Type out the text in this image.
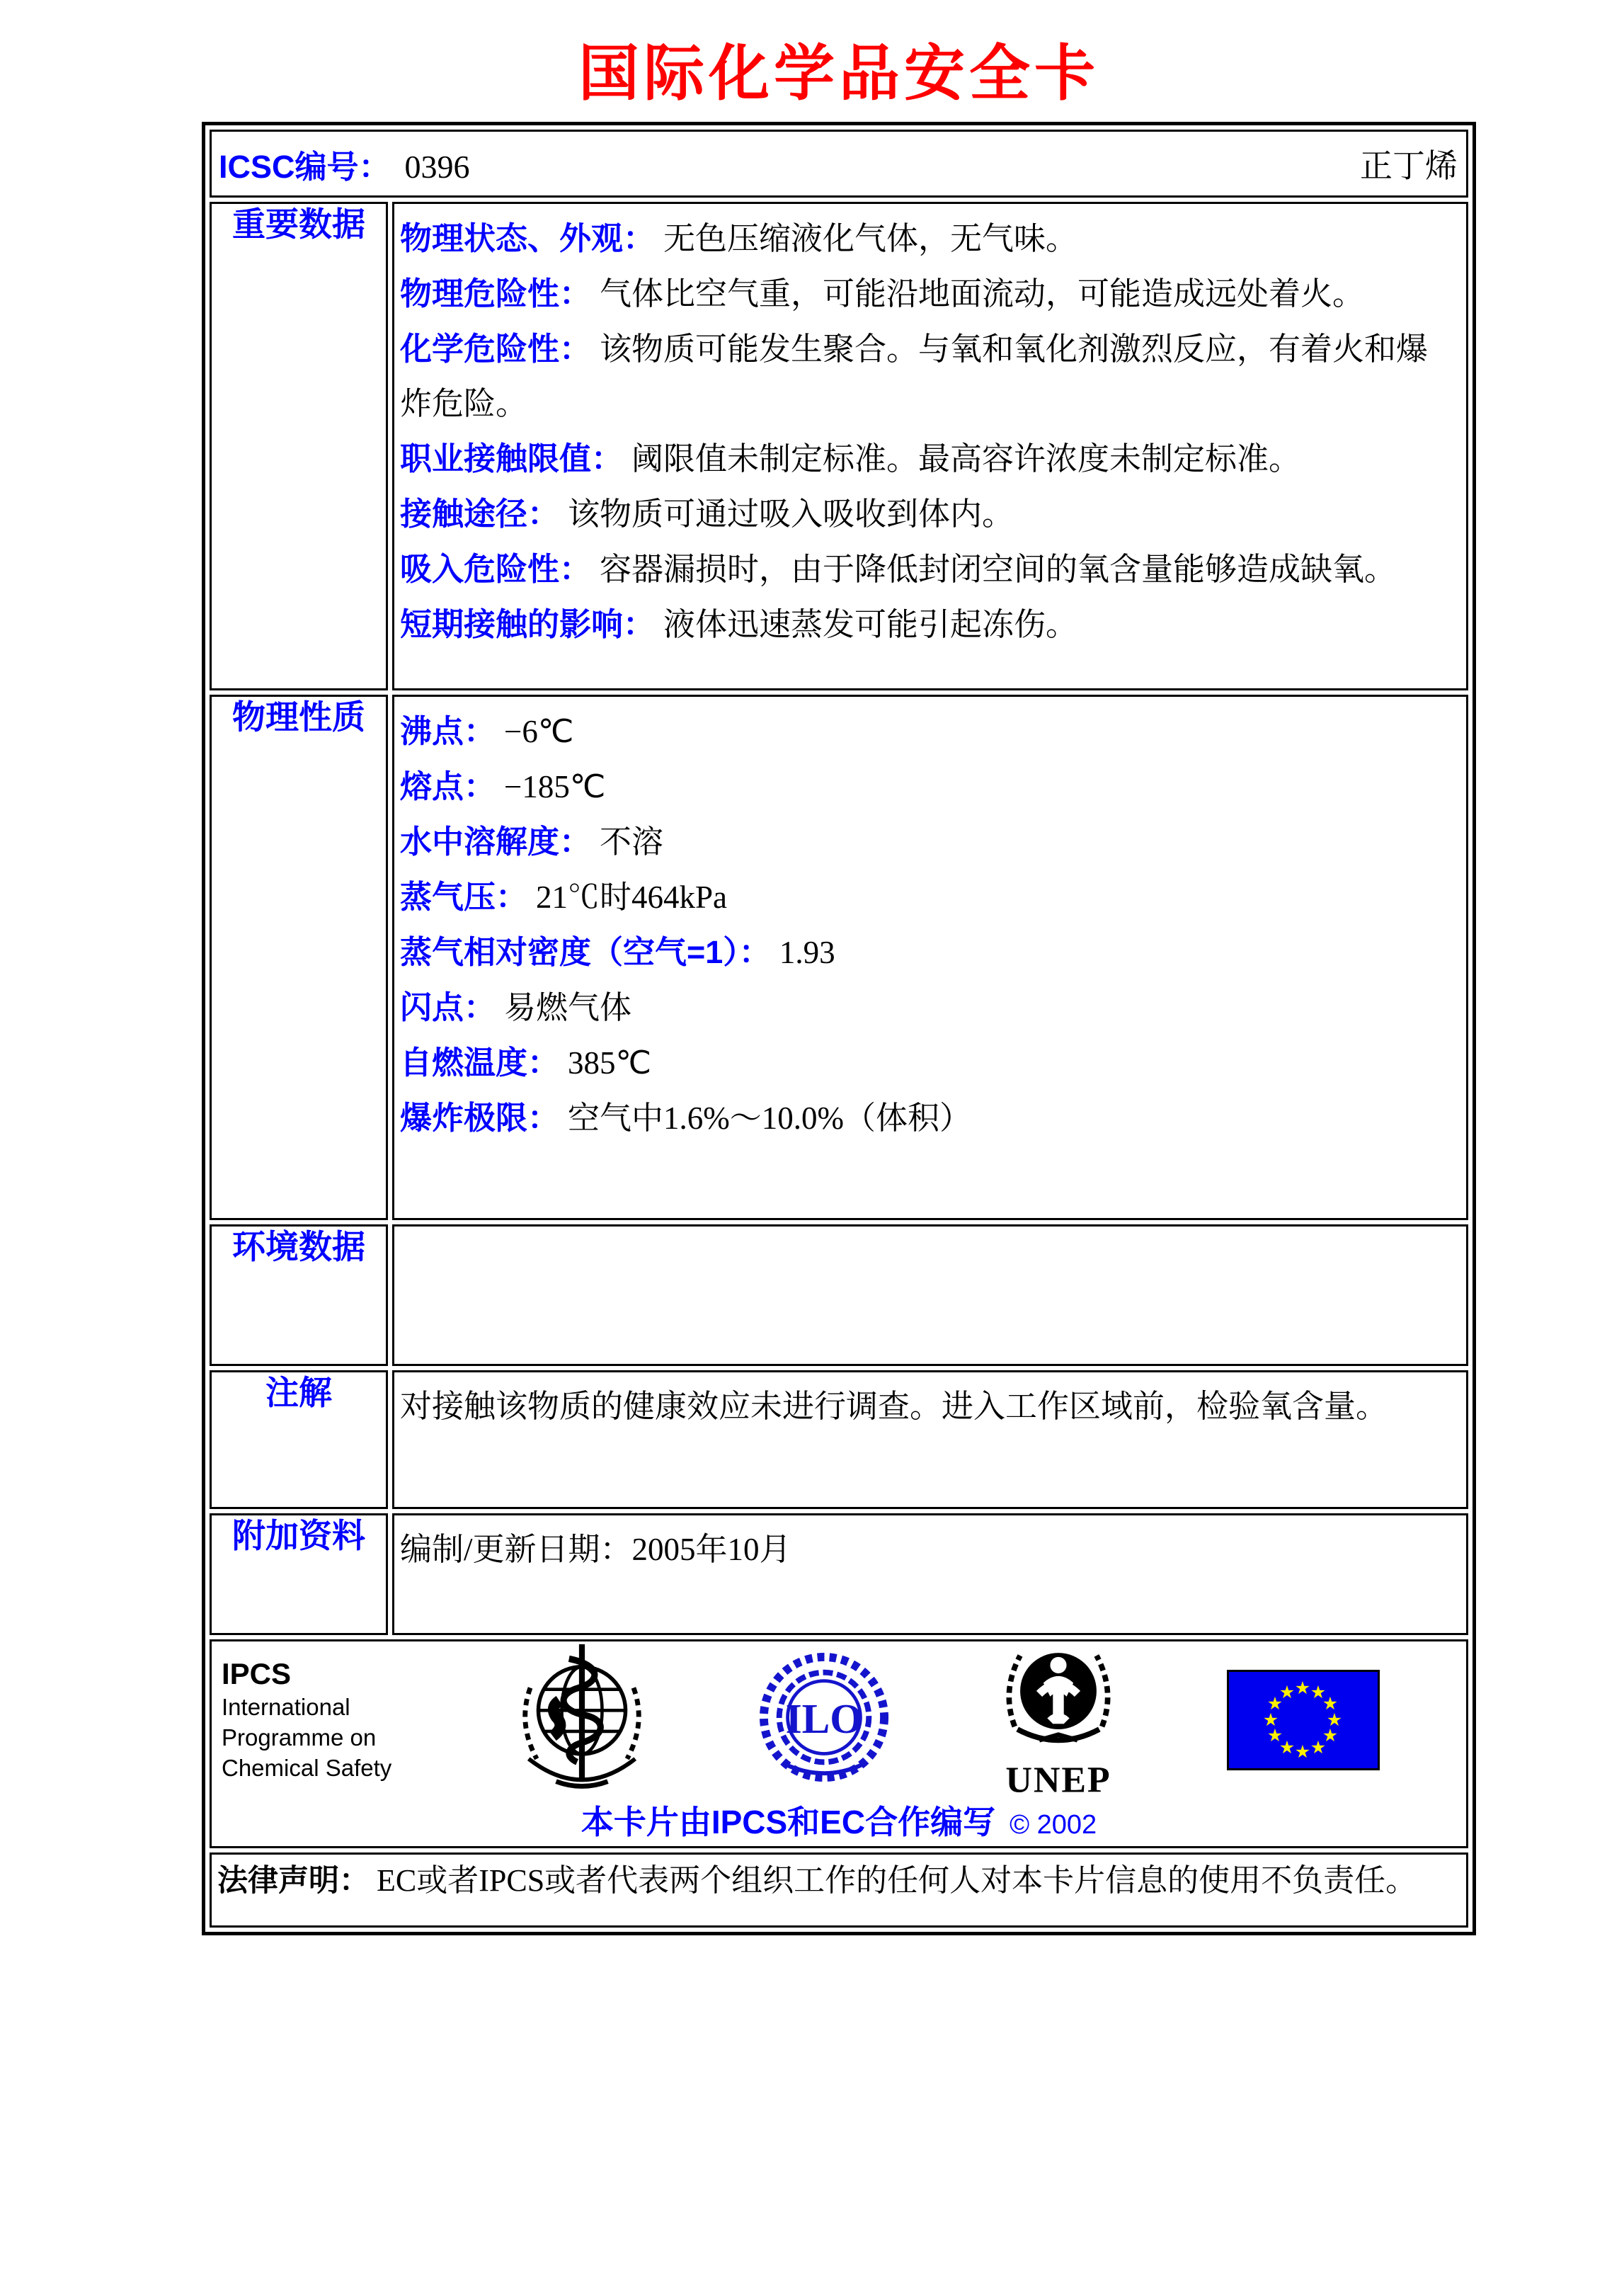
国际化学品安全卡
ICSC编号： 0396 正丁烯	

重要数据	物理状态、外观： 无色压缩液化气体，无气味。
物理危险性： 气体比空气重，可能沿地面流动，可能造成远处着火。
化学危险性： 该物质可能发生聚合。与氧和氧化剂激烈反应，有着火和爆炸危险。
职业接触限值： 阈限值未制定标准。最高容许浓度未制定标准。
接触途径： 该物质可通过吸入吸收到体内。
吸入危险性： 容器漏损时，由于降低封闭空间的氧含量能够造成缺氧。
短期接触的影响： 液体迅速蒸发可能引起冻伤。

物理性质	沸点： −6℃
熔点： −185℃
水中溶解度： 不溶
蒸气压： 21℃时464kPa
蒸气相对密度（空气=1）： 1.93
闪点： 易燃气体
自燃温度： 385℃
爆炸极限： 空气中1.6%～10.0%（体积）

环境数据	

注解	对接触该物质的健康效应未进行调查。进入工作区域前，检验氧含量。

附加资料	编制/更新日期：2005年10月

IPCS
International
Programme on
Chemical Safety
ILO
UNEP
★ ★
★
★
★
★
★
★
★
★
★
★
本卡片由IPCS和EC合作编写 © 2002

法律声明： EC或者IPCS或者代表两个组织工作的任何人对本卡片信息的使用不负责任。	
